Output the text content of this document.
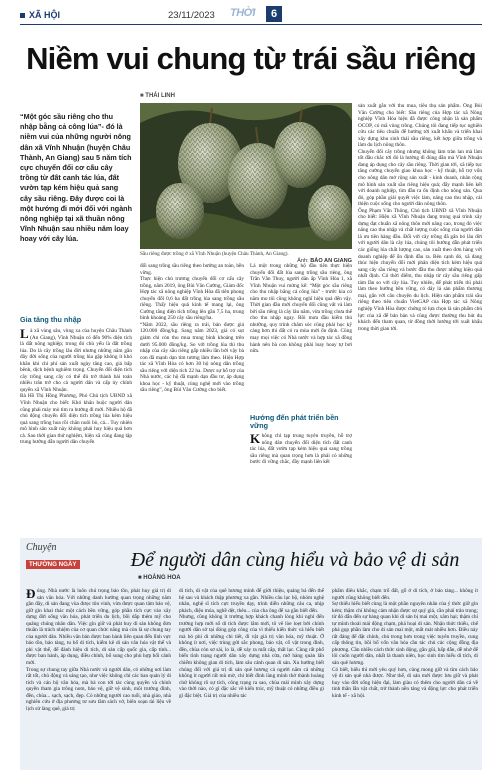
XÃ HỘI	23/11/2023 THỜI	6
Niềm vui chung từ trái sầu riêng
■ THÁI LINH
“Một góc sầu riêng cho thu nhập bằng cả công lúa”- đó là niềm vui của những người nông dân xã Vĩnh Nhuận (huyện Châu Thành, An Giang) sau 5 năm tích cực chuyển đổi cơ cấu cây trồng từ đất canh tác lúa, đất vườn tạp kém hiệu quả sang cây sầu riêng. Đây được coi là một hướng đi mới đổi với ngành nông nghiệp tại xã thuần nông Vĩnh Nhuận sau nhiều năm loay hoay với cây lúa.
Sầu riêng được trồng ở xã Vĩnh Nhuận (huyện Châu Thành, An Giang).
Ảnh: BẢO AN GIANG
Gia tăng thu nhập
Là xã vùng sâu, vùng xa của huyện Châu Thành (An Giang), Vĩnh Nhuận có đến 90% diện tích là đất nông nghiệp; trong đó chủ yếu là đất trồng lúa. Do là cây trồng lâu đời nhưng những năm gần đây đời sống của người trồng lúa gặp không ít khó khăn khi chi phí sản xuất ngày tăng cao, giá bấp bênh, dịch bệnh nghiêm trọng. Chuyển đổi diện tích cây trồng sang cây có thể đủ trở thành bài toán nhiều trăn trở cho cả người dân và cấp ủy chính quyền xã Vĩnh Nhuận.
Bà Hồ Thị Hồng Phương, Phó Chủ tịch UBND xã Vĩnh Nhuận cho biết: Khó khăn buộc người dân cũng phải mày mò tìm ra hướng đi mới. Nhiều hộ đã chủ động chuyển đổi diện tích trồng lúa kém hiệu quả sang trồng hoa rồi chăn nuôi bò, cá... Tuy nhiên mô hình sản xuất này không phải huy hiệu quả hơn cả. Sau thời gian thử nghiệm, hiện xã cũng đang tập trung hướng dẫn người dân chuyển
đổi sang trồng sầu riêng theo hướng an toàn, bền vững.
Thực hiện chủ trương chuyển đổi cơ cấu cây trồng, năm 2019, ông Bùi Văn Cường, Giám đốc Hợp tác xã nông nghiệp Vĩnh Hòa đã tiên phong chuyển đổi 0,6 ha đất trồng lúa sang trồng sầu riêng. Thấy hiệu quả kinh tế mang lại, ông Cường tăng diện tích trồng lên gần 7,5 ha, trung bình khoảng 250 cây sầu riêng/ha.
“Năm 2022, sầu riêng ra trái, bán được giá 120.000 đồng/kg. Sang năm 2023, giá có sụt giảm chỉ còn thu mua trung bình khoảng trên dưới 95.000 đồng/kg. So với trồng lúa thì thu nhập của cây sầu riêng gấp nhiều lần bởi vậy bà con đã mạnh dạn tìm tương lâm theo. Hiện Hợp tác xã Vĩnh Hòa có hơn 30 hộ nông dân trồng sầu riêng với diện tích 22 ha. Dược sự hỗ trợ của Nhà nước, các hộ đã mạnh dạn đầu tư, áp dụng khoa học - kỹ thuật, cùng nghệ mới vào trồng sầu riêng”, ông Bùi Văn Cường cho biết.
Lá một trong những hộ đầu tiên thực hiện chuyển đổi đất lúa sang trồng sầu riêng, ông Trần Văn Thuy, người dân ấp Vĩnh Hòa 1, xã Vĩnh Nhuận vui mừng kể: “Một góc sầu riêng cho thu nhập bằng cả công lúa” - trước kia có năm mo tôi cũng không nghĩ hiệu quả đến vậy. Thời gian đầu mới chuyển đổi cũng vất và làm bởi sầu riêng là cây lâu năm, vừa trồng chưa thể cho thu nhập ngay. Rồi mưa đầu kiếm thủ nhưỡng, quy trình chăm sóc cũng phải học kỹ càng hơn thì đất có ra mùa mới ổn định. Cũng may mọi việc có Nhà nước và hợp tác xã đồng hành nên bà con không phải loay hoay tự bơi nữa.
Hướng đến phát triển bền vững
Không chỉ tạp trung tuyên truyền, hỗ trợ nông dân chuyển đổi diện tích đất canh tác lúa, đất vườn tạp kém hiệu quả sang trồng sầu riêng mà quan trọng hơn là phải có những bước đi vững chắc, đầy mạnh liên kết
sản xuất gắn với thu mua, tiêu thụ sản phẩm. Ông Bùi Văn Cường cho biết: Sầu riêng của Hợp tác xã Nông nghiệp Vĩnh Hòa hiện đã được công nhận là sản phẩm OCOP, có mã vùng trồng. Chúng tôi đang tiếp tục nghiên cứu các tiêu chuẩn để hướng tới xuất khẩu và triển khai xây dựng khu sinh thái sầu riêng, kết hợp giữa trồng và làm du lịch nông thôn.
Chuyển đổi cây trồng nhưng không làm tràn lan mà làm tốt đầu chắc tới đó là hướng đi đúng đắn mà Vĩnh Nhuận đang áp dụng cho cây sầu riêng. Thời gian tới, xã tiếp tục tăng cường chuyển giao khoa học - kỹ thuật, hỗ trợ vốn cho nông dân mở rộng sản xuất - kinh doanh, nhân rộng mô hình sản xuất sầu riêng hiệu quả; đẩy mạnh liên kết với doanh nghiệp, tìm đầu ra ổn định cho nông sản. Qua đó, góp phần giải quyết việc làm, nâng cao thu nhập, cải thiện cuộc sống cho người dân nông thôn.
Ông Phạm Văn Thông, Chủ tịch UBND xã Vĩnh Nhuận cho biết: Hiện xã Vĩnh Nhuận đang trong quá trình xây dựng đạt chuẩn xã nông thôn mới nâng cao, trong đó việc nâng cao thu nhập và chất lượng cuộc sống của người dân là ưu tiên hàng đầu. Đối với cây trồng đã gắn bó lâu đời với người dân là cây lúa, chúng tôi hướng dẫn phát triển các giống lúa chất lượng cao, sản xuất theo đơn hàng với doanh nghiệp để ổn định đầu ra. Bên cạnh đó, xã đang thúc hiện chuyển đổi mới phân diện tích kém hiệu quả sang cây sầu riêng và bước đầu thu được những hiệu quả nhất định. Có thời điểm, thu nhập từ cây sầu riêng gấp tám lần so với cây lúa. Tuy nhiên, để phát triển thì phải làm theo hướng bền vững, có dây lá sản phẩm thương mại, gắn với câu chuyện du lịch. Hiện sản phẩm trái sầu riêng theo tiêu chuẩn VietGAP của Hợp tác xã Nông nghiệp Vĩnh Hòa được chứng tỏ lựa chọn là sản phẩm chủ lực của xã để bản bán và cũng được thường thu hút du khách đến tham quan, từ đồng thời hướng tới xuất khẩu trong thời gian tới.
Chuyện
THƯỜNG NGÀY	Để người dân cùng hiểu và bảo vệ di sản
■ HOÀNG HOA
Đúng. Nhà nước là luôn chú trọng bảo tồn, phát huy giá trị di sản văn hóa. Với những danh hướng quan trọng những năm gần đây, di sản đang vùa đưọc tôn vinh, vừa được quan tâm bảo vệ, giữ gìn khai thác một cách bền vững, góp phần tích cực vào xây dựng đời sống văn hóa, phát triển du lịch, bồi dắp thêm mỹ cho quảng chúng nhân dân. Việc gìn giữ và phát huy di sản không đơn thuần là trách nhiệm của cơ quan chức năng mà còn là sự chung tay của người dân. Nhiều văn bản được ban hành liên quan đến lĩnh vực bảo tồn, bảo tàng, tu bổ di tích, kiểm kê di sản văn hóa vật thể và phi vật thể, để đánh hiệu di tích, di sản cấp quốc gia, cấp tỉnh... được ban hành, áp dụng, điều chỉnh, bổ sung cho phù hợp bối cảnh mới.
Trong sự chung tay giữa Nhà nước và người dân, có những nơi làm rất tốt, chủ động và sáng tạo, như việc không chỉ các ban quản lý di tích và cán bộ văn hóa, mà bà con tới tác cùng quyền và chính quyền tham gia trông nom, bảo vệ, giữ vệ sinh, môi trường đình, đền, chùa... sạch, sạch, đẹp. Có những người cao tuổi, nhà giáo, nhà nghiên cứu ở địa phương tư sưu tầm sách vở, biên soạn tài liệu về lịch sử làng quê, giá trị
di tích, di vật của quê hương mình để giới thiệu, quảng bá đến thế hệ sau và khách thập phương xa gần. Nhiều câu lạc bộ, nhóm nghệ nhân, nghệ sĩ tích cực truyền dạy, trình diễn những câu ca, nhịp phách, điệu múa, nghề dệt, thêu... của cha ông để xa gần biết đến.
Nhưng, cũng không ít trường hợp khách chanh lòng khi nghỉ đến trường hợp mới số di tích được lâm mới, tô vẽ lòe loẹt bởi chính người dân sở tại đóng góp công của vì thiếu kiến thức và hiểu biết mà bỏ phí di những chi tiết, đi vật giá trị văn hóa, mỹ thuật. Ở không ít nơi, việc trùng gửi sắc phong, bảo vật, cổ vật trong đình, đền, chùa còn sơ sài, lo là, dễ xảy ra mất cắp, thất lạc. Cùng rất phổ biến tình trạng người dân xây dựng nhà cửa, mở hàng quán lấn chiếm không gian di tích, làm sâu cảnh quan di sản. Xu hướng biết chúng đối với giá trị di sản quê hương cả người nắm cả những không ít người rất mù mờ, chi biết đình làng mình thờ thành hoàng chứ không rõ sự tích, công trạng ra sao, chùa mái mình xây dựng vào thời nào, có gì đặc sắc về kiến trúc, mỹ thuật có những điều gì gì đặc biệt. Giá trị của nhiều tác
phẩm điêu khắc, chạm trổ đất, gỗ ở di tích, ở bảo tàng... không ít người cũng không biết đến.
Sự thiếu hiểu biết cùng là một phần nguyên nhân của ý thức giữ gìn kém; thậm chí không cảm nhận được sự quý giá, cần phải trân trọng; từ đó dẫn đến sự bàng quan khi di sản bị mai một, xâm hại; thậm chí tự mình thoải mái động chạm, phá hoại di sản. Nhận thức thiếu, chế phá gọp phần làm cho di sản mai một, mất mát nhiều hơn. Điều này rất đáng để đặt chính, chủ trong hơn trong việc tuyên truyền, cung cấp thông tin, bồi bổ vốn văn hóa cần tác chủ các cộng đồng địa phương. Cần nhiều cách thức sinh động, gần gũi, hấp dẫn, dễ nhớ để lôi cuốn người dân, nhất là thanh niên, học sinh tìm hiểu di tích, di sản quê hương.
Có biết, hiểu thì mới yêu quý hơn, cùng mong giữ và tìm cách bảo vệ di sản quê nhà được. Như thế, di sản mới được lưu giữ và phát huy vào đời sống hiện đại, làm giàu có thêm cho người dân cả về tinh thần lẫn vật chất, trở thành nền tảng và động lực cho phát triển kinh tế - xã hội.
